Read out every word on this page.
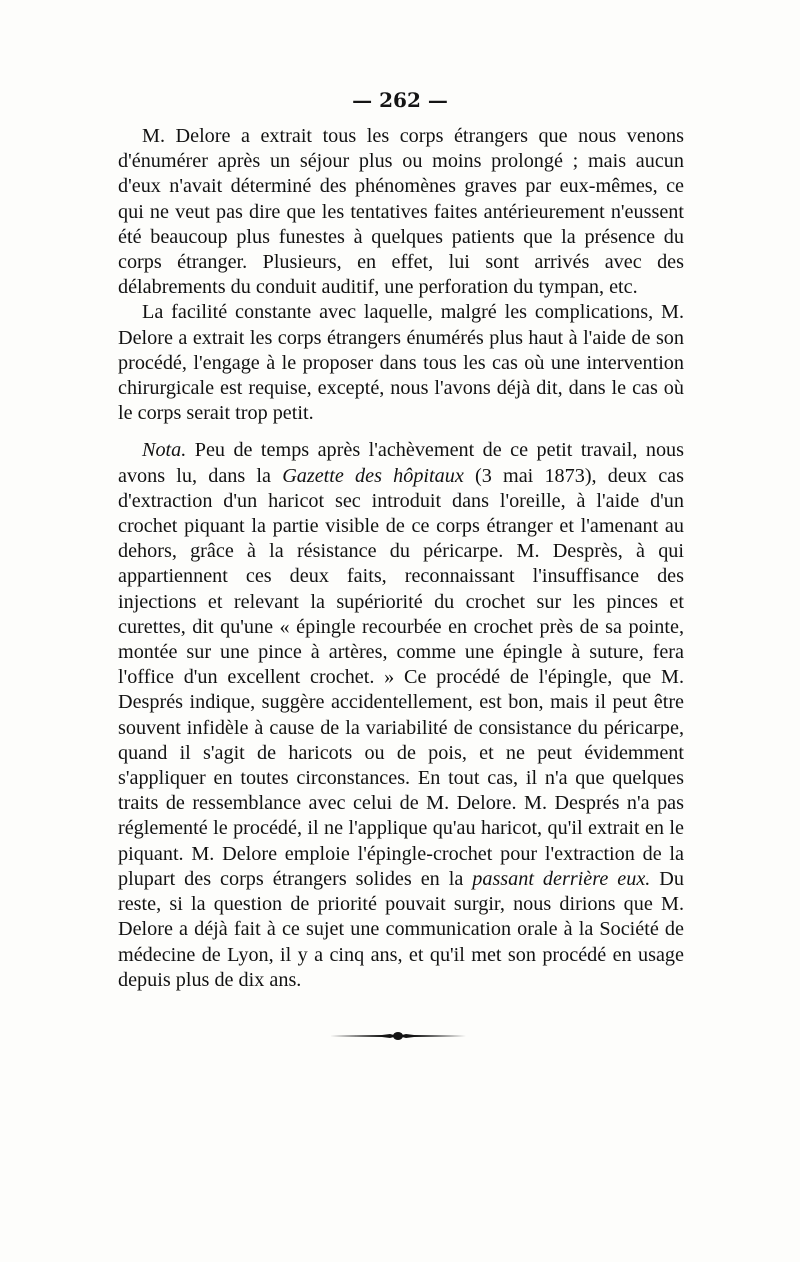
— 262 —

M. Delore a extrait tous les corps étrangers que nous venons d'énumérer après un séjour plus ou moins prolongé ; mais aucun d'eux n'avait déterminé des phénomènes graves par eux-mêmes, ce qui ne veut pas dire que les tentatives faites antérieurement n'eussent été beaucoup plus funestes à quelques patients que la présence du corps étranger. Plusieurs, en effet, lui sont arrivés avec des délabrements du conduit auditif, une perforation du tympan, etc.

La facilité constante avec laquelle, malgré les complications, M. Delore a extrait les corps étrangers énumérés plus haut à l'aide de son procédé, l'engage à le proposer dans tous les cas où une intervention chirurgicale est requise, excepté, nous l'avons déjà dit, dans le cas où le corps serait trop petit.

Nota. Peu de temps après l'achèvement de ce petit travail, nous avons lu, dans la Gazette des hôpitaux (3 mai 1873), deux cas d'extraction d'un haricot sec introduit dans l'oreille, à l'aide d'un crochet piquant la partie visible de ce corps étranger et l'amenant au dehors, grâce à la résistance du péricarpe. M. Desprès, à qui appartiennent ces deux faits, reconnaissant l'insuffisance des injections et relevant la supériorité du crochet sur les pinces et curettes, dit qu'une « épingle recourbée en crochet près de sa pointe, montée sur une pince à artères, comme une épingle à suture, fera l'office d'un excellent crochet. » Ce procédé de l'épingle, que M. Després indique, suggère accidentellement, est bon, mais il peut être souvent infidèle à cause de la variabilité de consistance du péricarpe, quand il s'agit de haricots ou de pois, et ne peut évidemment s'appliquer en toutes circonstances. En tout cas, il n'a que quelques traits de ressemblance avec celui de M. Delore. M. Després n'a pas réglementé le procédé, il ne l'applique qu'au haricot, qu'il extrait en le piquant. M. Delore emploie l'épingle-crochet pour l'extraction de la plupart des corps étrangers solides en la passant derrière eux. Du reste, si la question de priorité pouvait surgir, nous dirions que M. Delore a déjà fait à ce sujet une communication orale à la Société de médecine de Lyon, il y a cinq ans, et qu'il met son procédé en usage depuis plus de dix ans.
